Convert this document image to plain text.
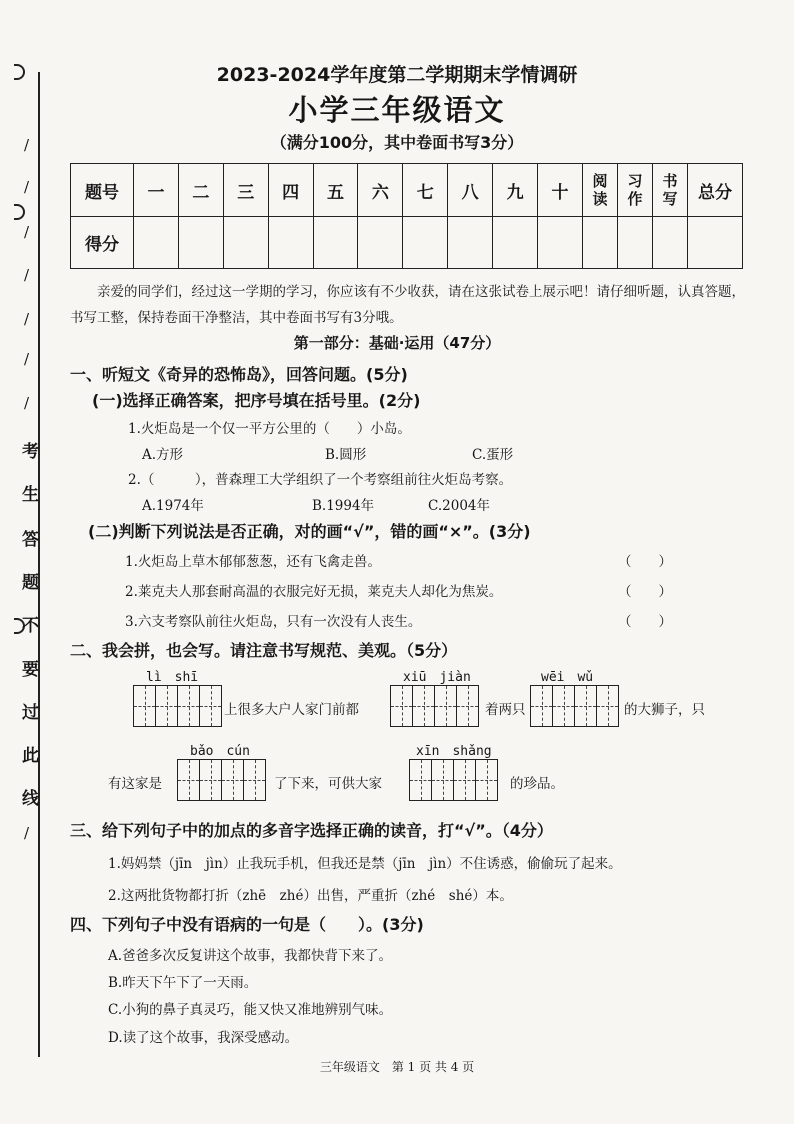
/
/
/
/
/
/
/
考
生
答
题
不
要
过
此
线
/
2023-2024学年度第二学期期末学情调研
小学三年级语文
（满分100分，其中卷面书写3分）
题号	一	二	三	四	五	六	七	八	九	十	阅读	习作	书写	总分
得分														
亲爱的同学们，经过这一学期的学习，你应该有不少收获，请在这张试卷上展示吧！请仔细听题，认真答题，书写工整，保持卷面干净整洁，其中卷面书写有3分哦。
第一部分：基础·运用（47分）
一、听短文《奇异的恐怖岛》，回答问题。(5分)
(一)选择正确答案，把序号填在括号里。(2分)
1.火炬岛是一个仅一平方公里的（　　）小岛。
A.方形	B.圆形	C.蛋形
2.（　　　），普森理工大学组织了一个考察组前往火炬岛考察。
A.1974年	B.1994年	C.2004年
(二)判断下列说法是否正确，对的画“√”，错的画“×”。(3分)
1.火炬岛上草木郁郁葱葱，还有飞禽走兽。	（　　）
2.莱克夫人那套耐高温的衣服完好无损，莱克夫人却化为焦炭。	（　　）
3.六支考察队前往火炬岛，只有一次没有人丧生。	（　　）
二、我会拼，也会写。请注意书写规范、美观。（5分）
lì　shī
上很多大户人家门前都
xiū　jiàn
着两只
wēi　wǔ
的大狮子，只
bǎo　cún
有这家是	了下来，可供大家
xīn　shǎng
的珍品。
三、给下列句子中的加点的多音字选择正确的读音，打“√”。（4分）
1.妈妈禁（jīn　jìn）止我玩手机，但我还是禁（jīn　jìn）不住诱惑，偷偷玩了起来。
2.这两批货物都打折（zhē　zhé）出售，严重折（zhé　shé）本。
四、下列句子中没有语病的一句是（　　）。(3分)
A.爸爸多次反复讲这个故事，我都快背下来了。
B.昨天下午下了一天雨。
C.小狗的鼻子真灵巧，能又快又准地辨别气味。
D.读了这个故事，我深受感动。
三年级语文　第 1 页 共 4 页
